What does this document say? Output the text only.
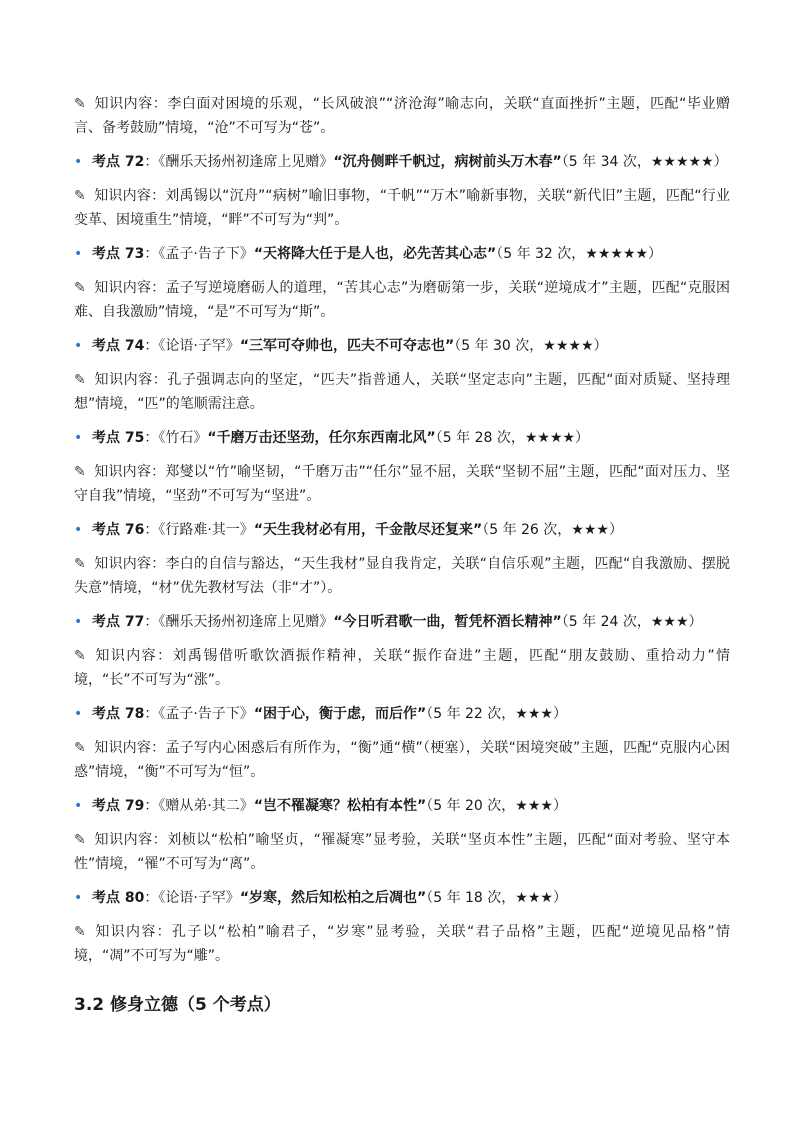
✎ 知识内容：李白面对困境的乐观，“长风破浪”“济沧海”喻志向，关联“直面挫折”主题，匹配“毕业赠言、备考鼓励”情境，“沧”不可写为“苍”。
• 考点 72：《酬乐天扬州初逢席上见赠》“沉舟侧畔千帆过，病树前头万木春”（5 年 34 次，★★★★★）
✎ 知识内容：刘禹锡以“沉舟”“病树”喻旧事物，“千帆”“万木”喻新事物，关联“新代旧”主题，匹配“行业变革、困境重生”情境，“畔”不可写为“判”。
• 考点 73：《孟子·告子下》“天将降大任于是人也，必先苦其心志”（5 年 32 次，★★★★★）
✎ 知识内容：孟子写逆境磨砺人的道理，“苦其心志”为磨砺第一步，关联“逆境成才”主题，匹配“克服困难、自我激励”情境，“是”不可写为“斯”。
• 考点 74：《论语·子罕》“三军可夺帅也，匹夫不可夺志也”（5 年 30 次，★★★★）
✎ 知识内容：孔子强调志向的坚定，“匹夫”指普通人，关联“坚定志向”主题，匹配“面对质疑、坚持理想”情境，“匹”的笔顺需注意。
• 考点 75：《竹石》“千磨万击还坚劲，任尔东西南北风”（5 年 28 次，★★★★）
✎ 知识内容：郑燮以“竹”喻坚韧，“千磨万击”“任尔”显不屈，关联“坚韧不屈”主题，匹配“面对压力、坚守自我”情境，“坚劲”不可写为“坚进”。
• 考点 76：《行路难·其一》“天生我材必有用，千金散尽还复来”（5 年 26 次，★★★）
✎ 知识内容：李白的自信与豁达，“天生我材”显自我肯定，关联“自信乐观”主题，匹配“自我激励、摆脱失意”情境，“材”优先教材写法（非“才”）。
• 考点 77：《酬乐天扬州初逢席上见赠》“今日听君歌一曲，暂凭杯酒长精神”（5 年 24 次，★★★）
✎ 知识内容：刘禹锡借听歌饮酒振作精神，关联“振作奋进”主题，匹配“朋友鼓励、重拾动力”情境，“长”不可写为“涨”。
• 考点 78：《孟子·告子下》“困于心，衡于虑，而后作”（5 年 22 次，★★★）
✎ 知识内容：孟子写内心困惑后有所作为，“衡”通“横”（梗塞），关联“困境突破”主题，匹配“克服内心困惑”情境，“衡”不可写为“恒”。
• 考点 79：《赠从弟·其二》“岂不罹凝寒？松柏有本性”（5 年 20 次，★★★）
✎ 知识内容：刘桢以“松柏”喻坚贞，“罹凝寒”显考验，关联“坚贞本性”主题，匹配“面对考验、坚守本性”情境，“罹”不可写为“离”。
• 考点 80：《论语·子罕》“岁寒，然后知松柏之后凋也”（5 年 18 次，★★★）
✎ 知识内容：孔子以“松柏”喻君子，“岁寒”显考验，关联“君子品格”主题，匹配“逆境见品格”情境，“凋”不可写为“雕”。
3.2 修身立德（5 个考点）
